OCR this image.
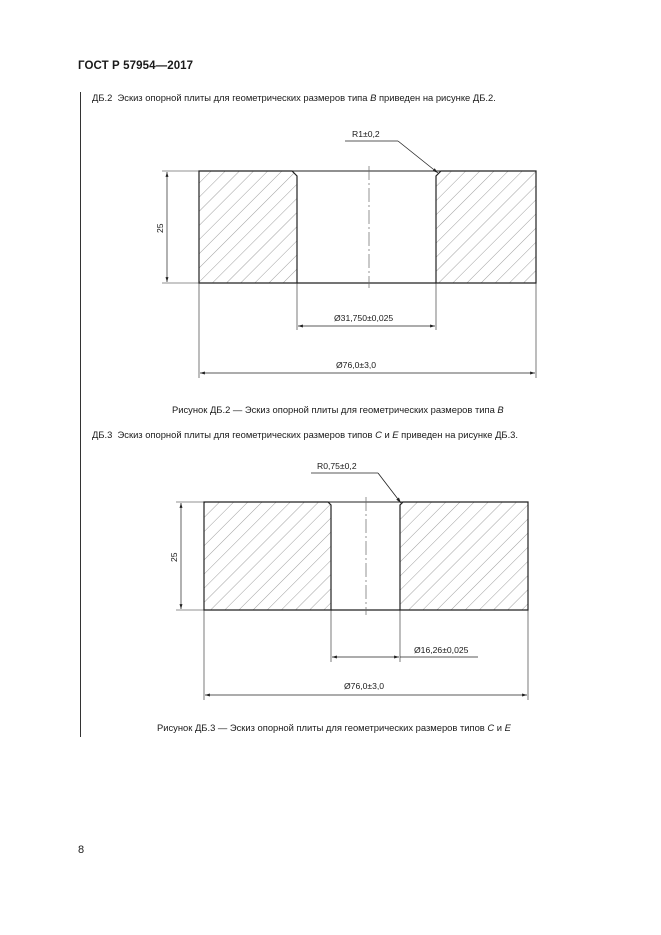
ГОСТ Р 57954—2017
ДБ.2 Эскиз опорной плиты для геометрических размеров типа B приведен на рисунке ДБ.2.
R1±0,2
25
Ø31,750±0,025
Ø76,0±3,0
Рисунок ДБ.2 — Эскиз опорной плиты для геометрических размеров типа B
ДБ.3 Эскиз опорной плиты для геометрических размеров типов C и E приведен на рисунке ДБ.3.
R0,75±0,2
25
Ø16,26±0,025
Ø76,0±3,0
Рисунок ДБ.3 — Эскиз опорной плиты для геометрических размеров типов C и E
8
